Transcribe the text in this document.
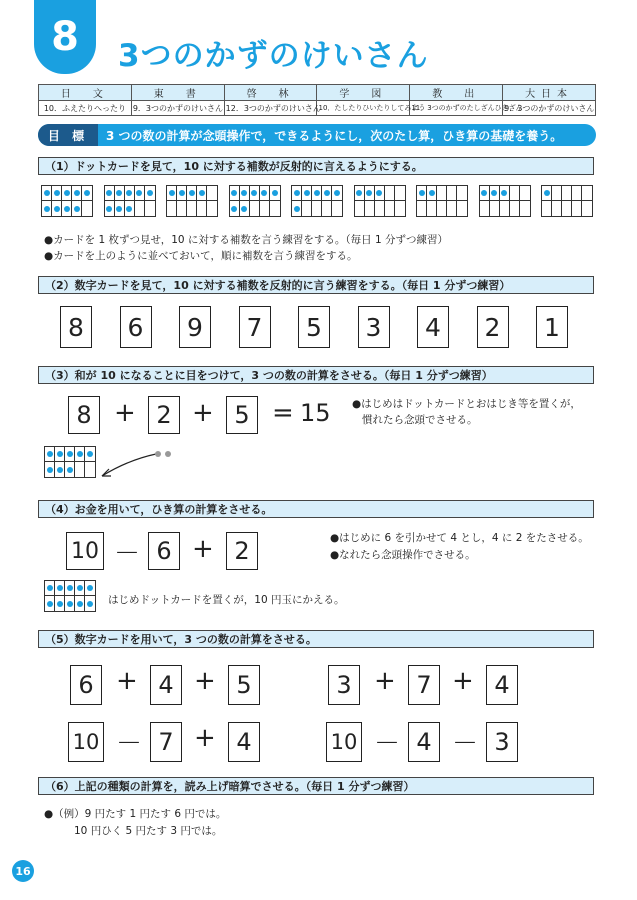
8 3つのかずのけいさん
日　文	東　書	啓　林	学　図	教　出	大日本
10．ふえたりへったり	9．3つのかずのけいさん	12．3つのかずのけいさん	10．たしたりひいたりしてみよう	11．3つのかずのたしざんひきざん	9．3つのかずのけいさん
目 標	3 つの数の計算が念頭操作で，できるようにし，次のたし算，ひき算の基礎を養う。
（1）ドットカードを見て，10 に対する補数が反射的に言えるようにする。
●カードを 1 枚ずつ見せ，10 に対する補数を言う練習をする。（毎日 1 分ずつ練習）
●カードを上のように並べておいて，順に補数を言う練習をする。
（2）数字カードを見て，10 に対する補数を反射的に言う練習をする。（毎日 1 分ずつ練習）
（3）和が 10 になることに目をつけて，3 つの数の計算をさせる。（毎日 1 分ずつ練習）
8 + 2 + 5 = 15 ●はじめはドットカードとおはじき等を置くが，
慣れたら念頭でさせる。
（4）お金を用いて，ひき算の計算をさせる。
10 － 6 + 2	●はじめに 6 を引かせて 4 とし，4 に 2 をたさせる。
●なれたら念頭操作でさせる。
はじめドットカードを置くが，10 円玉にかえる。
（5）数字カードを用いて，3 つの数の計算をさせる。
（6）上記の種類の計算を，読み上げ暗算でさせる。（毎日 1 分ずつ練習）
●（例）9 円たす 1 円たす 6 円では。
10 円ひく 5 円たす 3 円では。
16
8	6	9	7	5	3	4	2	1
6 + 4 + 5	3 + 7 + 4
10 － 7 + 4	10 － 4 － 3
